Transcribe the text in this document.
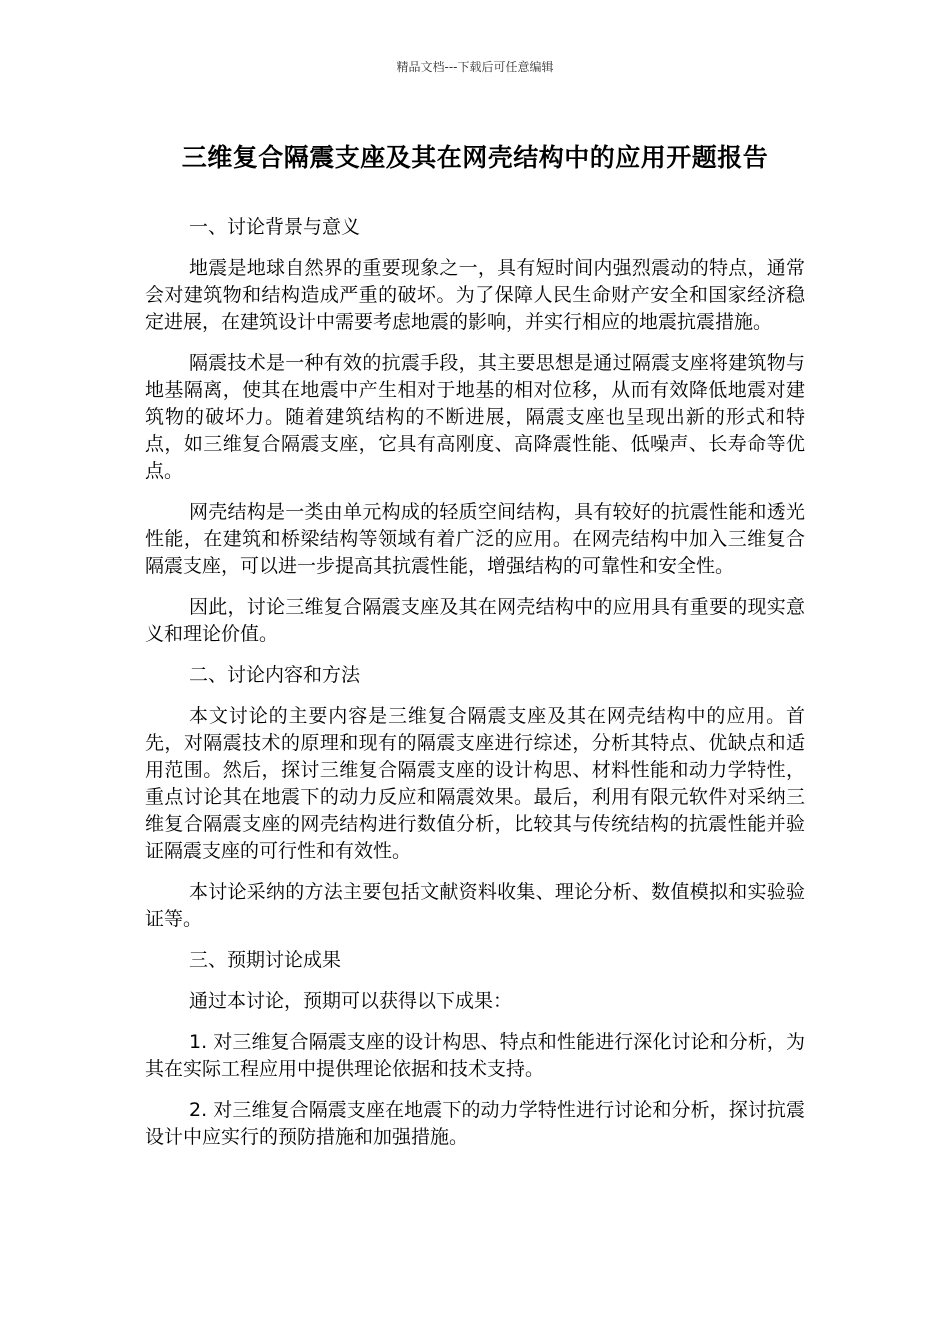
精品文档---下载后可任意编辑
三维复合隔震支座及其在网壳结构中的应用开题报告
一、讨论背景与意义
地震是地球自然界的重要现象之一，具有短时间内强烈震动的特点，通常会对建筑物和结构造成严重的破坏。为了保障人民生命财产安全和国家经济稳定进展，在建筑设计中需要考虑地震的影响，并实行相应的地震抗震措施。
隔震技术是一种有效的抗震手段，其主要思想是通过隔震支座将建筑物与地基隔离，使其在地震中产生相对于地基的相对位移，从而有效降低地震对建筑物的破坏力。随着建筑结构的不断进展，隔震支座也呈现出新的形式和特点，如三维复合隔震支座，它具有高刚度、高降震性能、低噪声、长寿命等优点。
网壳结构是一类由单元构成的轻质空间结构，具有较好的抗震性能和透光性能，在建筑和桥梁结构等领域有着广泛的应用。在网壳结构中加入三维复合隔震支座，可以进一步提高其抗震性能，增强结构的可靠性和安全性。
因此，讨论三维复合隔震支座及其在网壳结构中的应用具有重要的现实意义和理论价值。
二、讨论内容和方法
本文讨论的主要内容是三维复合隔震支座及其在网壳结构中的应用。首先，对隔震技术的原理和现有的隔震支座进行综述，分析其特点、优缺点和适用范围。然后，探讨三维复合隔震支座的设计构思、材料性能和动力学特性，重点讨论其在地震下的动力反应和隔震效果。最后，利用有限元软件对采纳三维复合隔震支座的网壳结构进行数值分析，比较其与传统结构的抗震性能并验证隔震支座的可行性和有效性。
本讨论采纳的方法主要包括文献资料收集、理论分析、数值模拟和实验验证等。
三、预期讨论成果
通过本讨论，预期可以获得以下成果：
1. 对三维复合隔震支座的设计构思、特点和性能进行深化讨论和分析，为其在实际工程应用中提供理论依据和技术支持。
2. 对三维复合隔震支座在地震下的动力学特性进行讨论和分析，探讨抗震设计中应实行的预防措施和加强措施。
